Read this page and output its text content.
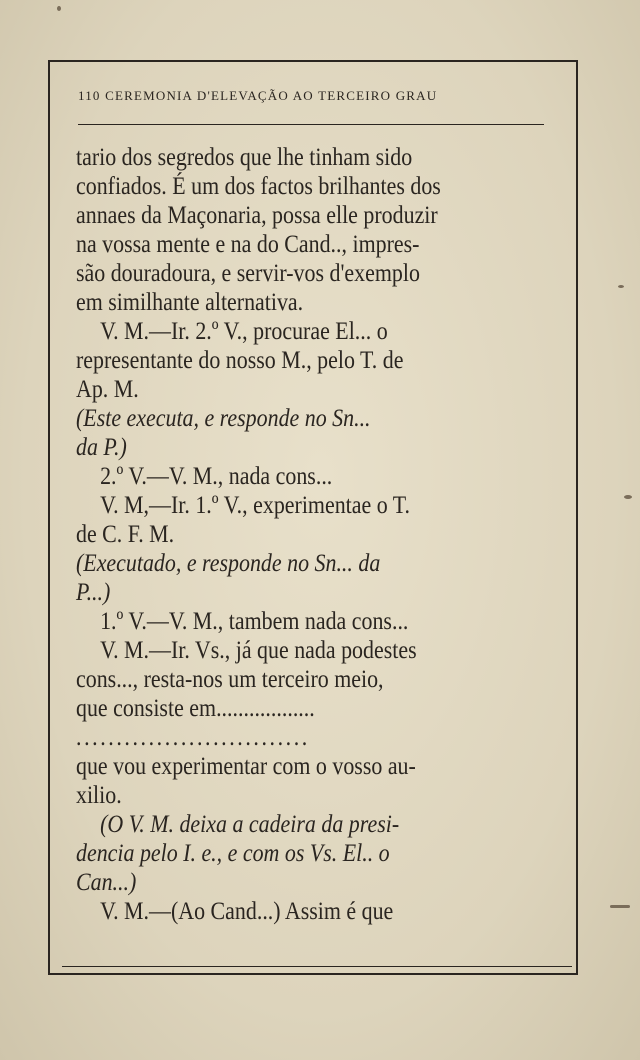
110 CEREMONIA D'ELEVAÇÃO AO TERCEIRO GRAU
tario dos segredos que lhe tinham sido
confiados. É um dos factos brilhantes dos
annaes da Maçonaria, possa elle produzir
na vossa mente e na do Cand.., impres-
são douradoura, e servir-vos d'exemplo
em similhante alternativa.
V. M.—Ir. 2.º V., procurae El... o
representante do nosso M., pelo T. de
Ap. M.
(Este executa, e responde no Sn...
da P.)
2.º V.—V. M., nada cons...
V. M,—Ir. 1.º V., experimentae o T.
de C. F. M.
(Executado, e responde no Sn... da
P...)
1.º V.—V. M., tambem nada cons...
V. M.—Ir. Vs., já que nada podestes
cons..., resta-nos um terceiro meio,
que consiste em..................
.............................
que vou experimentar com o vosso au-
xilio.
(O V. M. deixa a cadeira da presi-
dencia pelo I. e., e com os Vs. El.. o
Can...)
V. M.—(Ao Cand...) Assim é que
